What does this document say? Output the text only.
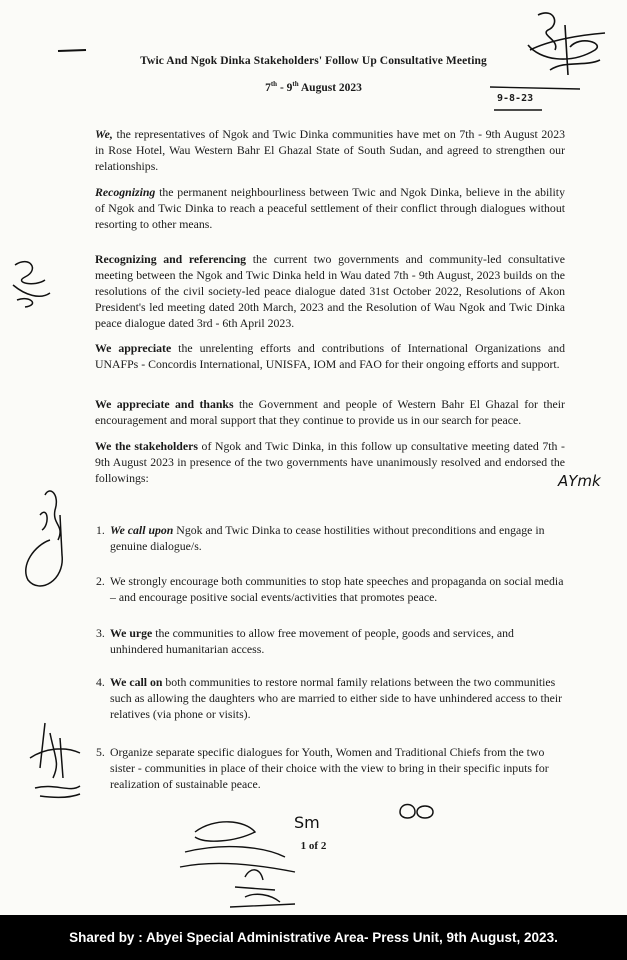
Twic And Ngok Dinka Stakeholders' Follow Up Consultative Meeting
7th - 9th August 2023
9-8-23
We, the representatives of Ngok and Twic Dinka communities have met on 7th - 9th August 2023 in Rose Hotel, Wau Western Bahr El Ghazal State of South Sudan, and agreed to strengthen our relationships.
Recognizing the permanent neighbourliness between Twic and Ngok Dinka, believe in the ability of Ngok and Twic Dinka to reach a peaceful settlement of their conflict through dialogues without resorting to other means.
Recognizing and referencing the current two governments and community-led consultative meeting between the Ngok and Twic Dinka held in Wau dated 7th - 9th August, 2023 builds on the resolutions of the civil society-led peace dialogue dated 31st October 2022, Resolutions of Akon President's led meeting dated 20th March, 2023 and the Resolution of Wau Ngok and Twic Dinka peace dialogue dated 3rd - 6th April 2023.
We appreciate the unrelenting efforts and contributions of International Organizations and UNAFPs - Concordis International, UNISFA, IOM and FAO for their ongoing efforts and support.
We appreciate and thanks the Government and people of Western Bahr El Ghazal for their encouragement and moral support that they continue to provide us in our search for peace.
We the stakeholders of Ngok and Twic Dinka, in this follow up consultative meeting dated 7th - 9th August 2023 in presence of the two governments have unanimously resolved and endorsed the followings:
1. We call upon Ngok and Twic Dinka to cease hostilities without preconditions and engage in genuine dialogue/s.
2. We strongly encourage both communities to stop hate speeches and propaganda on social media – and encourage positive social events/activities that promotes peace.
3. We urge the communities to allow free movement of people, goods and services, and unhindered humanitarian access.
4. We call on both communities to restore normal family relations between the two communities such as allowing the daughters who are married to either side to have unhindered access to their relatives (via phone or visits).
5. Organize separate specific dialogues for Youth, Women and Traditional Chiefs from the two sister - communities in place of their choice with the view to bring in their specific inputs for realization of sustainable peace.
AYmk
Sm
1 of 2
Shared by : Abyei Special Administrative Area- Press Unit, 9th August, 2023.
